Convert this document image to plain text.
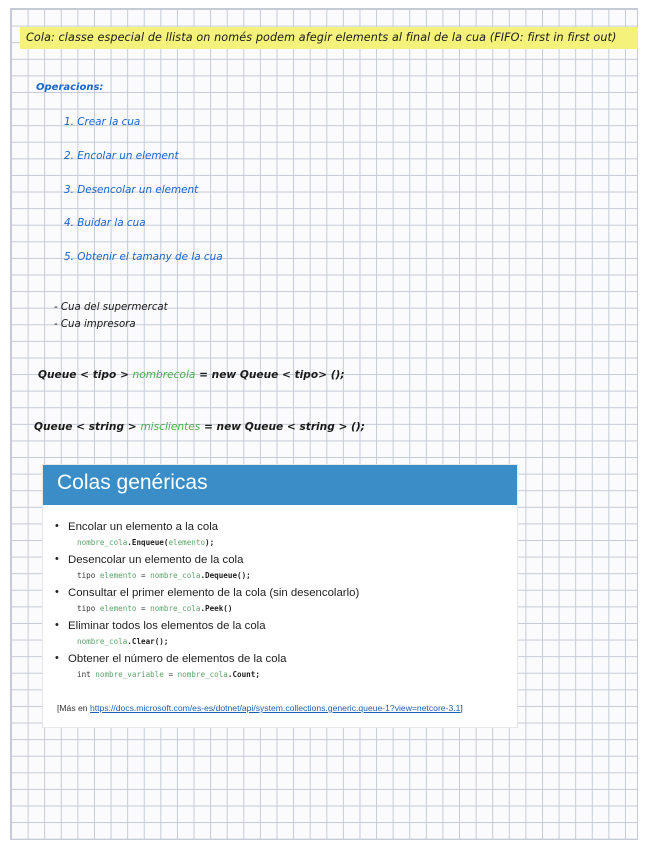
Cola: classe especial de llista on només podem afegir elements al final de la cua (FIFO: first in first out)
Operacions:
1. Crear la cua
2. Encolar un element
3. Desencolar un element
4. Buidar la cua
5. Obtenir el tamany de la cua
- Cua del supermercat
- Cua impresora
Queue < tipo > nombrecola = new Queue < tipo> ();
Queue < string > misclientes = new Queue < string > ();
Colas genéricas
• Encolar un elemento a la cola
nombre_cola.Enqueue(elemento);
• Desencolar un elemento de la cola
tipo elemento = nombre_cola.Dequeue();
• Consultar el primer elemento de la cola (sin desencolarlo)
tipo elemento = nombre_cola.Peek()
• Eliminar todos los elementos de la cola
nombre_cola.Clear();
• Obtener el número de elementos de la cola
int nombre_variable = nombre_cola.Count;
[Más en https://docs.microsoft.com/es-es/dotnet/api/system.collections.generic.queue-1?view=netcore-3.1]
